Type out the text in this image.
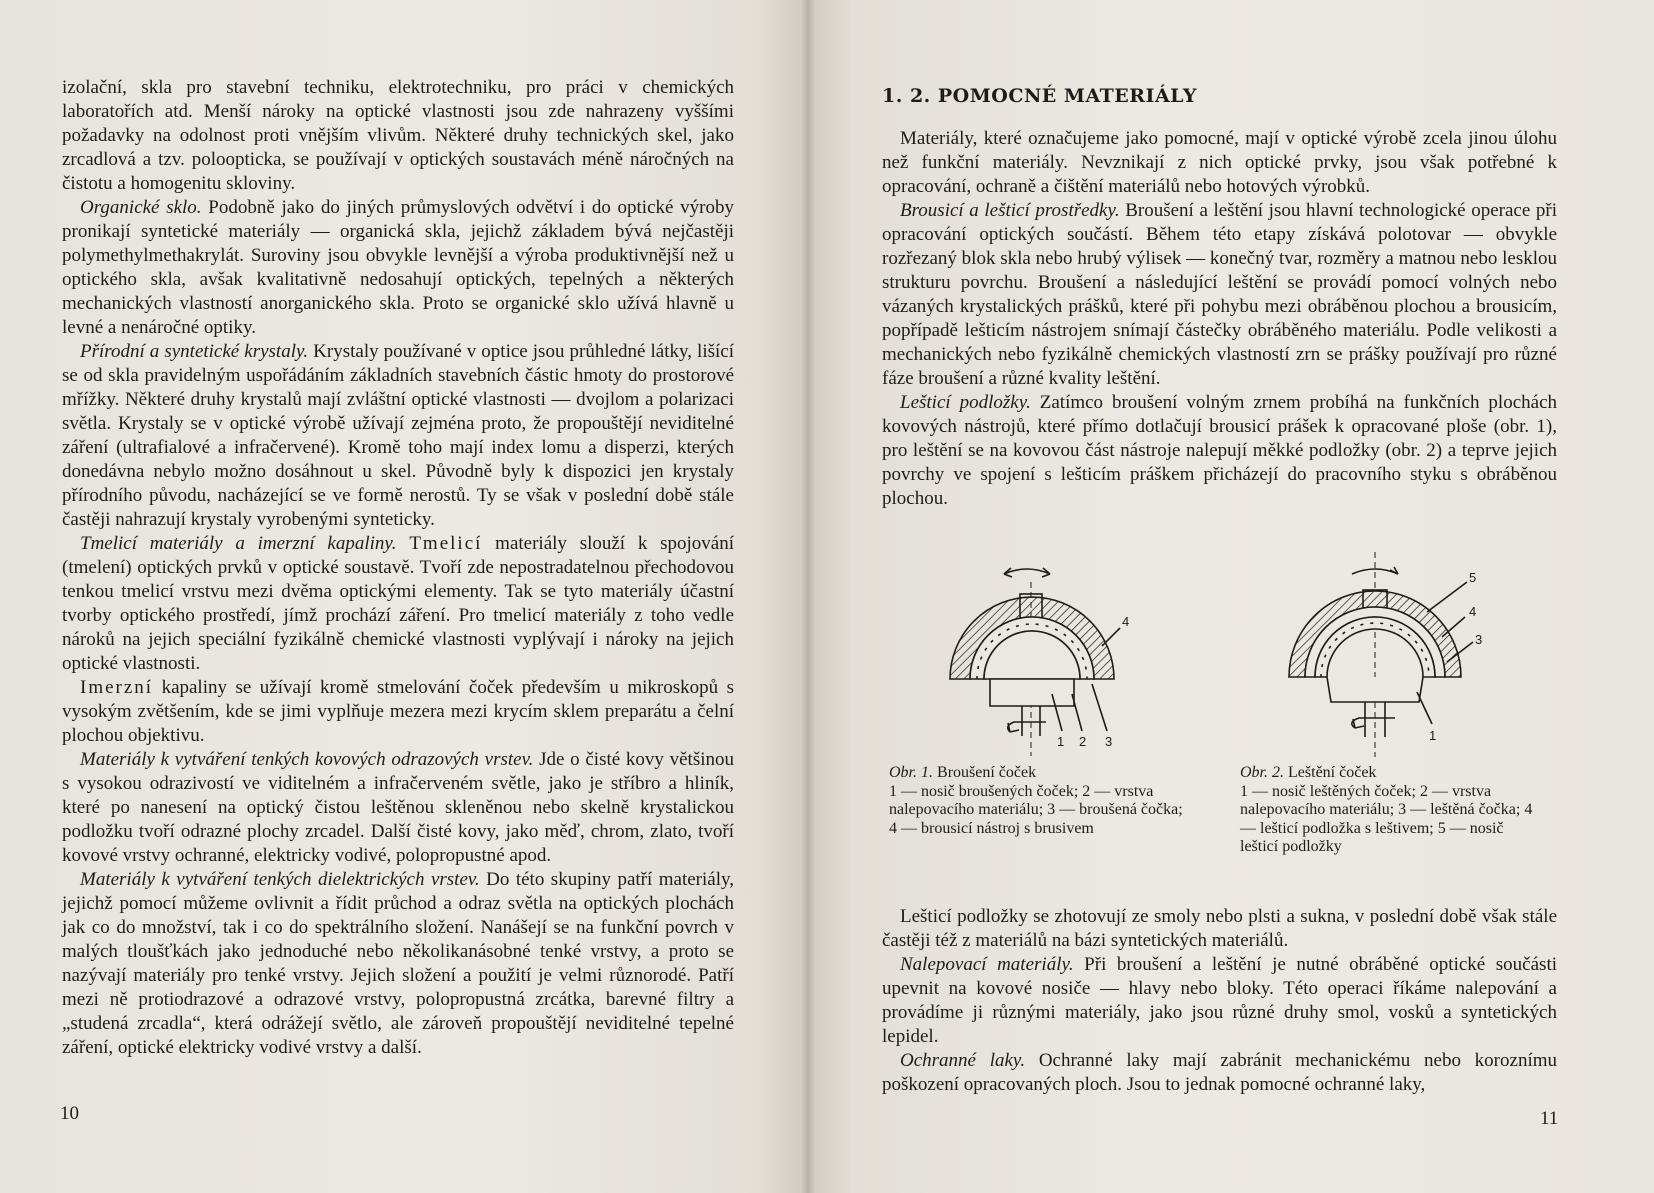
izolační, skla pro stavební techniku, elektrotechniku, pro práci v chemických laboratořích atd. Menší nároky na optické vlastnosti jsou zde nahrazeny vyššími požadavky na odolnost proti vnějším vlivům. Některé druhy technických skel, jako zrcadlová a tzv. poloopticka, se používají v optických soustavách méně náročných na čistotu a homogenitu skloviny.

Organické sklo. Podobně jako do jiných průmyslových odvětví i do optické výroby pronikají syntetické materiály — organická skla, jejichž základem bývá nejčastěji polymethylmethakrylát. Suroviny jsou obvykle levnější a výroba produktivnější než u optického skla, avšak kvalitativně nedosahují optických, tepelných a některých mechanických vlastností anorganického skla. Proto se organické sklo užívá hlavně u levné a nenáročné optiky.

Přírodní a syntetické krystaly. Krystaly používané v optice jsou průhledné látky, lišící se od skla pravidelným uspořádáním základních stavebních částic hmoty do prostorové mřížky. Některé druhy krystalů mají zvláštní optické vlastnosti — dvojlom a polarizaci světla. Krystaly se v optické výrobě užívají zejména proto, že propouštějí neviditelné záření (ultrafialové a infračervené). Kromě toho mají index lomu a disperzi, kterých donedávna nebylo možno dosáhnout u skel. Původně byly k dispozici jen krystaly přírodního původu, nacházející se ve formě nerostů. Ty se však v poslední době stále častěji nahrazují krystaly vyrobenými synteticky.

Tmelicí materiály a imerzní kapaliny. Tmelicí materiály slouží k spojování (tmelení) optických prvků v optické soustavě. Tvoří zde nepostradatelnou přechodovou tenkou tmelicí vrstvu mezi dvěma optickými elementy. Tak se tyto materiály účastní tvorby optického prostředí, jímž prochází záření. Pro tmelicí materiály z toho vedle nároků na jejich speciální fyzikálně chemické vlastnosti vyplývají i nároky na jejich optické vlastnosti.

Imerzní kapaliny se užívají kromě stmelování čoček především u mikroskopů s vysokým zvětšením, kde se jimi vyplňuje mezera mezi krycím sklem preparátu a čelní plochou objektivu.

Materiály k vytváření tenkých kovových odrazových vrstev. Jde o čisté kovy většinou s vysokou odrazivostí ve viditelném a infračerveném světle, jako je stříbro a hliník, které po nanesení na optický čistou leštěnou skleněnou nebo skelně krystalickou podložku tvoří odrazné plochy zrcadel. Další čisté kovy, jako měď, chrom, zlato, tvoří kovové vrstvy ochranné, elektricky vodivé, polopropustné apod.

Materiály k vytváření tenkých dielektrických vrstev. Do této skupiny patří materiály, jejichž pomocí můžeme ovlivnit a řídit průchod a odraz světla na optických plochách jak co do množství, tak i co do spektrálního složení. Nanášejí se na funkční povrch v malých tloušťkách jako jednoduché nebo několikanásobné tenké vrstvy, a proto se nazývají materiály pro tenké vrstvy. Jejich složení a použití je velmi různorodé. Patří mezi ně protiodrazové a odrazové vrstvy, polopropustná zrcátka, barevné filtry a „studená zrcadla“, která odrážejí světlo, ale zároveň propouštějí neviditelné tepelné záření, optické elektricky vodivé vrstvy a další.

10
1. 2. POMOCNÉ MATERIÁLY

Materiály, které označujeme jako pomocné, mají v optické výrobě zcela jinou úlohu než funkční materiály. Nevznikají z nich optické prvky, jsou však potřebné k opracování, ochraně a čištění materiálů nebo hotových výrobků.

Brousicí a lešticí prostředky. Broušení a leštění jsou hlavní technologické operace při opracování optických součástí. Během této etapy získává polotovar — obvykle rozřezaný blok skla nebo hrubý výlisek — konečný tvar, rozměry a matnou nebo lesklou strukturu povrchu. Broušení a následující leštění se provádí pomocí volných nebo vázaných krystalických prášků, které při pohybu mezi obráběnou plochou a brousicím, popřípadě lešticím nástrojem snímají částečky obráběného materiálu. Podle velikosti a mechanických nebo fyzikálně chemických vlastností zrn se prášky používají pro různé fáze broušení a různé kvality leštění.

Lešticí podložky. Zatímco broušení volným zrnem probíhá na funkčních plochách kovových nástrojů, které přímo dotlačují brousicí prášek k opracované ploše (obr. 1), pro leštění se na kovovou část nástroje nalepují měkké podložky (obr. 2) a teprve jejich povrchy ve spojení s lešticím práškem přicházejí do pracovního styku s obráběnou plochou.

4
1 2 3
5
4
3
1
Obr. 1. Broušení čoček
1 — nosič broušených čoček; 2 — vrstva nalepovacího materiálu; 3 — broušená čočka; 4 — brousicí nástroj s brusivem
Obr. 2. Leštění čoček
1 — nosič leštěných čoček; 2 — vrstva nalepovacího materiálu; 3 — leštěná čočka; 4 — lešticí podložka s leštivem; 5 — nosič lešticí podložky

Lešticí podložky se zhotovují ze smoly nebo plsti a sukna, v poslední době však stále častěji též z materiálů na bázi syntetických materiálů.

Nalepovací materiály. Při broušení a leštění je nutné obráběné optické součásti upevnit na kovové nosiče — hlavy nebo bloky. Této operaci říkáme nalepování a provádíme ji různými materiály, jako jsou různé druhy smol, vosků a syntetických lepidel.

Ochranné laky. Ochranné laky mají zabránit mechanickému nebo koroznímu poškození opracovaných ploch. Jsou to jednak pomocné ochranné laky,

11
